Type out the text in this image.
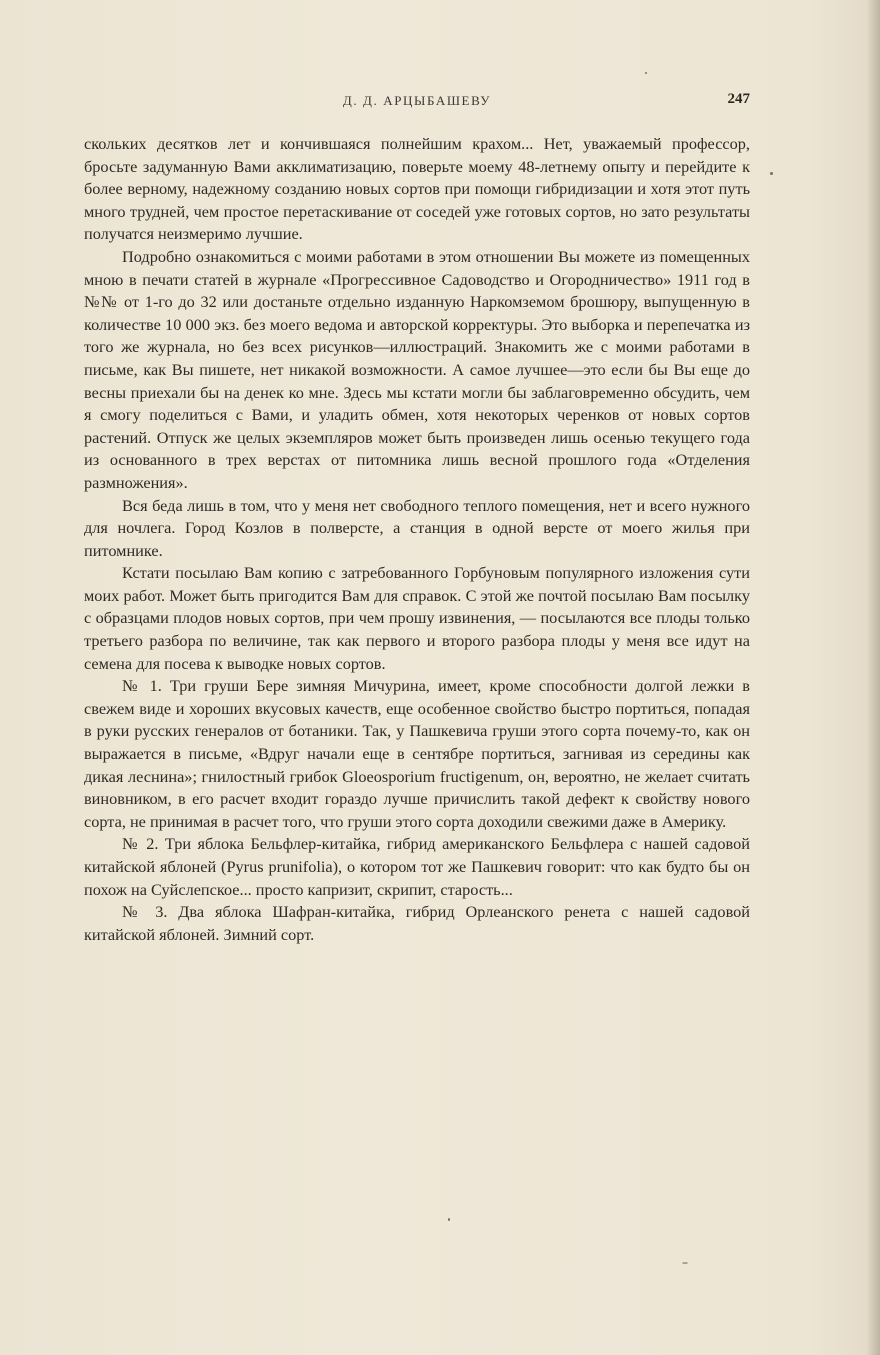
Д. Д. АРЦЫБАШЕВУ	247

скольких десятков лет и кончившаяся полнейшим крахом... Нет, уважаемый профессор, бросьте задуманную Вами акклиматизацию, поверьте моему 48-летнему опыту и перейдите к более верному, надежному созданию новых сортов при помощи гибридизации и хотя этот путь много трудней, чем простое перетаскивание от соседей уже готовых сортов, но зато результаты получатся неизмеримо лучшие.

Подробно ознакомиться с моими работами в этом отношении Вы можете из помещенных мною в печати статей в журнале «Прогрессивное Садоводство и Огородничество» 1911 год в №№ от 1-го до 32 или достаньте отдельно изданную Наркомземом брошюру, выпущенную в количестве 10 000 экз. без моего ведома и авторской корректуры. Это выборка и перепечатка из того же журнала, но без всех рисунков—иллюстраций. Знакомить же с моими работами в письме, как Вы пишете, нет никакой возможности. А самое лучшее—это если бы Вы еще до весны приехали бы на денек ко мне. Здесь мы кстати могли бы заблаговременно обсудить, чем я смогу поделиться с Вами, и уладить обмен, хотя некоторых черенков от новых сортов растений. Отпуск же целых экземпляров может быть произведен лишь осенью текущего года из основанного в трех верстах от питомника лишь весной прошлого года «Отделения размножения».

Вся беда лишь в том, что у меня нет свободного теплого помещения, нет и всего нужного для ночлега. Город Козлов в полверсте, а станция в одной версте от моего жилья при питомнике.

Кстати посылаю Вам копию с затребованного Горбуновым популярного изложения сути моих работ. Может быть пригодится Вам для справок. С этой же почтой посылаю Вам посылку с образцами плодов новых сортов, при чем прошу извинения, — посылаются все плоды только третьего разбора по величине, так как первого и второго разбора плоды у меня все идут на семена для посева к выводке новых сортов.

№ 1. Три груши Бере зимняя Мичурина, имеет, кроме способности долгой лежки в свежем виде и хороших вкусовых качеств, еще особенное свойство быстро портиться, попадая в руки русских генералов от ботаники. Так, у Пашкевича груши этого сорта почему-то, как он выражается в письме, «Вдруг начали еще в сентябре портиться, загнивая из середины как дикая леснина»; гнилостный грибок Gloeosporium fructigenum, он, вероятно, не желает считать виновником, в его расчет входит гораздо лучше причислить такой дефект к свойству нового сорта, не принимая в расчет того, что груши этого сорта доходили свежими даже в Америку.

№ 2. Три яблока Бельфлер-китайка, гибрид американского Бельфлера с нашей садовой китайской яблоней (Pyrus prunifolia), о котором тот же Пашкевич говорит: что как будто бы он похож на Суйслепское... просто капризит, скрипит, старость...

№ 3. Два яблока Шафран-китайка, гибрид Орлеанского ренета с нашей садовой китайской яблоней. Зимний сорт.
